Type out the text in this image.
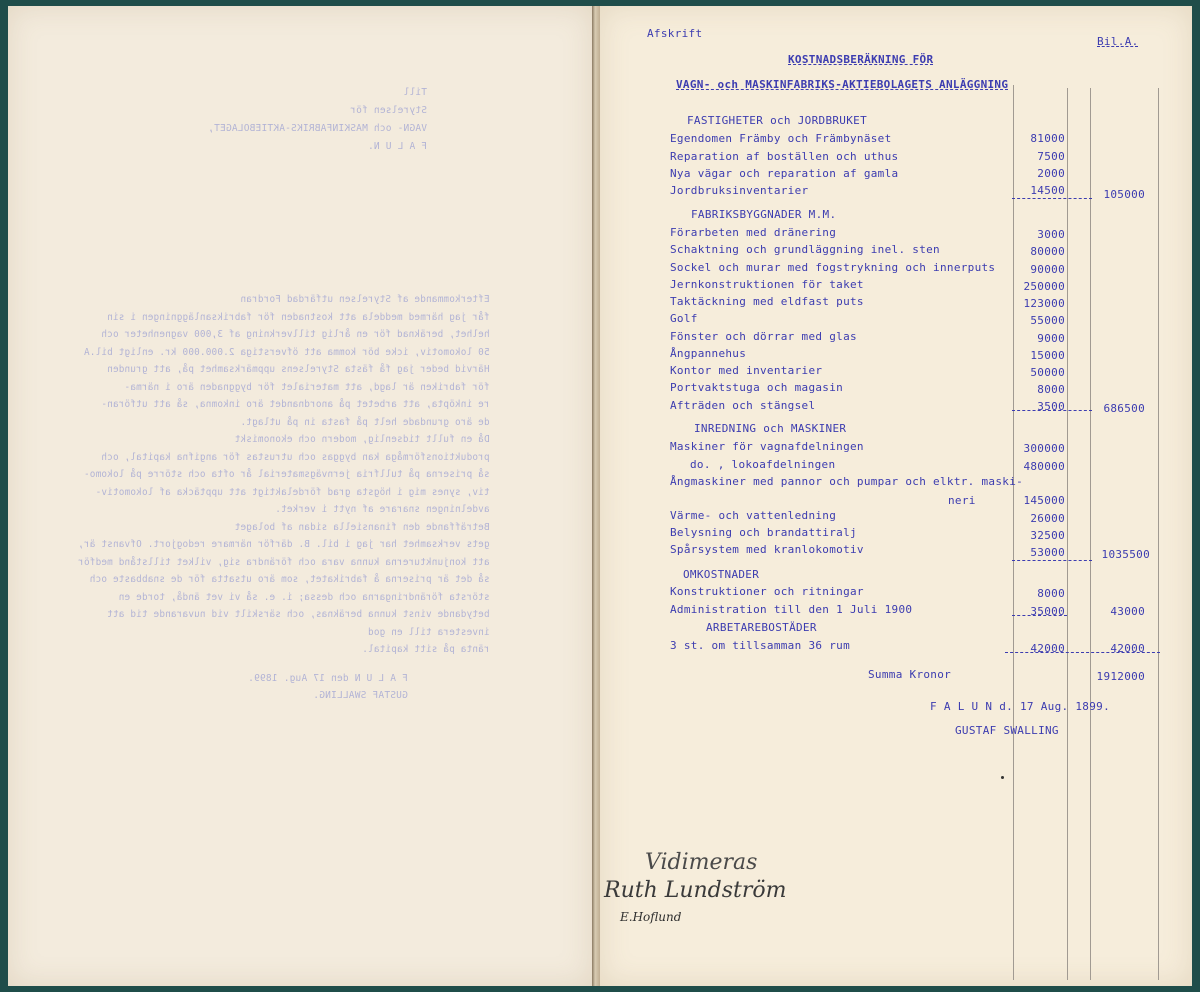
Till
Styrelsen för
VAGN- och MASKINFABRIKS-AKTIEBOLAGET,
F A L U N.
Efterkommande af Styrelsen utfärdad Fordran
får jag härmed meddela att kostnaden för fabriksanläggningen i sin
helhet, beräknad för en årlig tillverkning af 3,000 vagnenheter och
50 lokomotiv, icke bör komma att öfverstiga 2.000.000 kr. enligt bil.A
Härvid beder jag få fästa Styrelsens uppmärksamhet på, att grunden
för fabriken är lagd, att materialet för byggnaden äro i närma-
re inköpta, att arbetet på anordnandet äro inkomna, så att utföran-
de äro grundade helt på fasta in på utlagt.
Då en fullt tidsenlig, modern och ekonomiskt
produktionsförmåga kan byggas och utrustas för angifna kapital, och
så priserna på tullfria jernvägsmaterial år ofta och större på lokomo-
tiv, synes mig i högsta grad fördelaktigt att upptäcka af lokomotiv-
avdelningen snarare af nytt i verket.
Beträffande den finansiella sidan af bolaget
gets verksamhet har jag i bil. B. därför närmare redogjort. Ofvanst är,
att konjunkturerna kunna vara och förändra sig, vilket tillstånd medför
så det är priserna å fabrikatet, som äro utsatta för de snabbaste och
största förändringarna och dessa; i. e. så vi vet ändå, torde en
betydande vinst kunna beräknas, och särskilt vid nuvarande tid att
investera till en god
ränta på sitt kapital.
F A L U N den 17 Aug. 1899.
GUSTAF SWALLING.
Afskrift
Bil.A.
KOSTNADSBERÄKNING FÖR
VAGN- och MASKINFABRIKS-AKTIEBOLAGETS ANLÄGGNING
FASTIGHETER och JORDBRUKET
Egendomen Främby och Främbynäset	81000
Reparation af boställen och uthus	7500
Nya vägar och reparation af gamla	2000
Jordbruksinventarier	14500	105000
FABRIKSBYGGNADER M.M.
Förarbeten med dränering	3000
Schaktning och grundläggning inel. sten	80000
Sockel och murar med fogstrykning och innerputs	90000
Jernkonstruktionen för taket	250000
Taktäckning med eldfast puts	123000
Golf	55000
Fönster och dörrar med glas	9000
Ångpannehus	15000
Kontor med inventarier	50000
Portvaktstuga och magasin	8000
Afträden och stängsel	3500	686500
INREDNING och MASKINER
Maskiner för vagnafdelningen	300000
do. , lokoafdelningen	480000
Ångmaskiner med pannor och pumpar och elktr. maski-
neri	145000
Värme- och vattenledning	26000
Belysning och brandattiralj	32500
Spårsystem med kranlokomotiv	53000	1035500
OMKOSTNADER
Konstruktioner och ritningar	8000
Administration till den 1 Juli 1900	35000	43000
ARBETAREBOSTÄDER
3 st. om tillsamman 36 rum	42000	42000
Summa Kronor	1912000
F A L U N d. 17 Aug. 1899.
GUSTAF SWALLING
Vidimeras
Ruth Lundström
E.Hoflund
